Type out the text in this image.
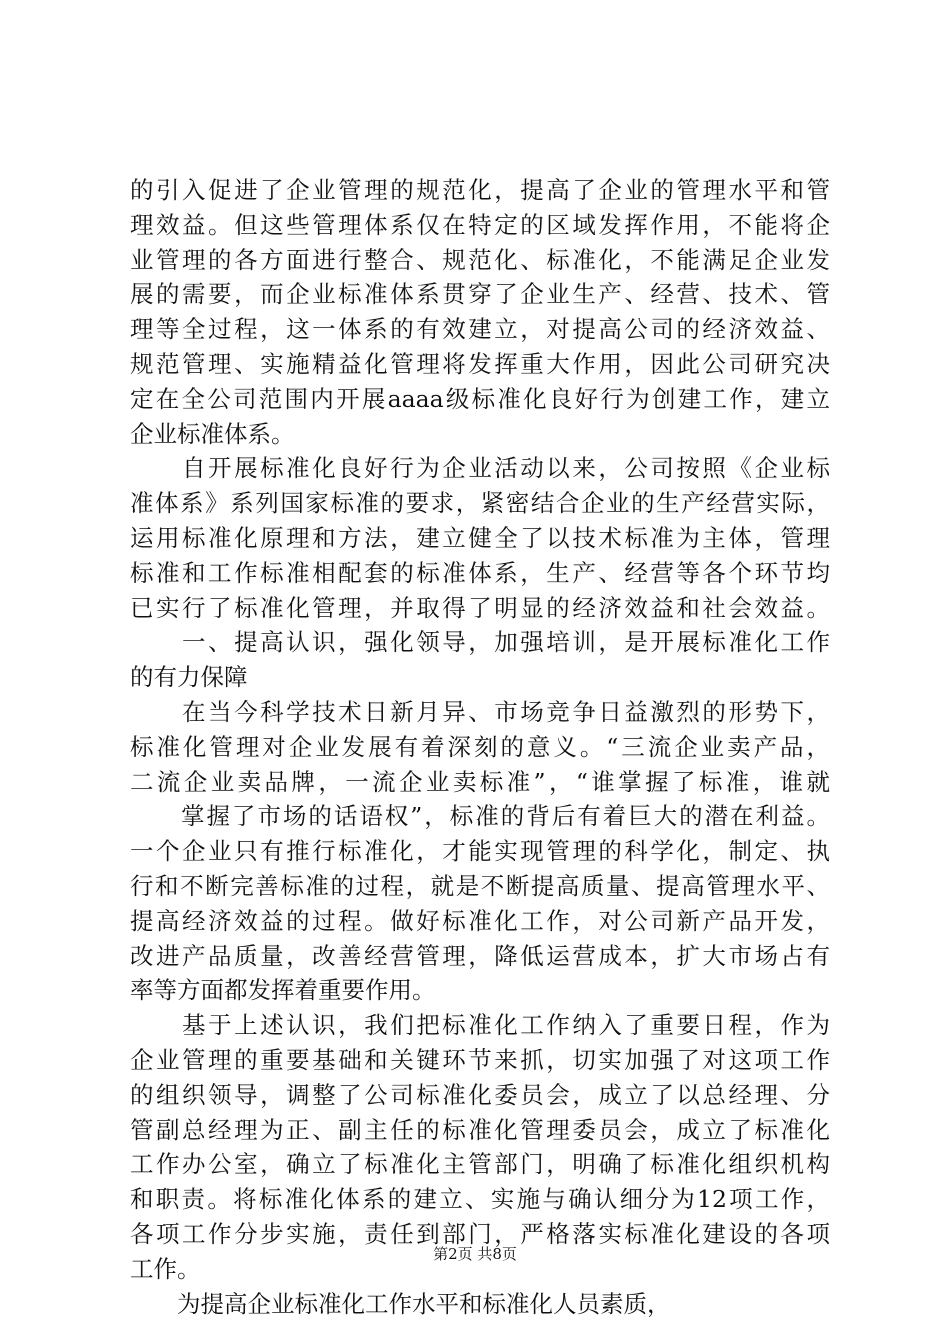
的引入促进了企业管理的规范化，提高了企业的管理水平和管
理效益。但这些管理体系仅在特定的区域发挥作用，不能将企
业管理的各方面进行整合、规范化、标准化，不能满足企业发
展的需要，而企业标准体系贯穿了企业生产、经营、技术、管
理等全过程，这一体系的有效建立，对提高公司的经济效益、
规范管理、实施精益化管理将发挥重大作用，因此公司研究决
定在全公司范围内开展aaaa级标准化良好行为创建工作，建立
企业标准体系。
　　自开展标准化良好行为企业活动以来，公司按照《企业标
准体系》系列国家标准的要求，紧密结合企业的生产经营实际，
运用标准化原理和方法，建立健全了以技术标准为主体，管理
标准和工作标准相配套的标准体系，生产、经营等各个环节均
已实行了标准化管理，并取得了明显的经济效益和社会效益。
　　一、提高认识，强化领导，加强培训，是开展标准化工作
的有力保障
　　在当今科学技术日新月异、市场竞争日益激烈的形势下，
标准化管理对企业发展有着深刻的意义。“三流企业卖产品，
二流企业卖品牌，一流企业卖标准”，“谁掌握了标准，谁就
　　掌握了市场的话语权”，标准的背后有着巨大的潜在利益。
一个企业只有推行标准化，才能实现管理的科学化，制定、执
行和不断完善标准的过程，就是不断提高质量、提高管理水平、
提高经济效益的过程。做好标准化工作，对公司新产品开发，
改进产品质量，改善经营管理，降低运营成本，扩大市场占有
率等方面都发挥着重要作用。
　　基于上述认识，我们把标准化工作纳入了重要日程，作为
企业管理的重要基础和关键环节来抓，切实加强了对这项工作
的组织领导，调整了公司标准化委员会，成立了以总经理、分
管副总经理为正、副主任的标准化管理委员会，成立了标准化
工作办公室，确立了标准化主管部门，明确了标准化组织机构
和职责。将标准化体系的建立、实施与确认细分为12项工作，
各项工作分步实施，责任到部门，严格落实标准化建设的各项
工作。
　　为提高企业标准化工作水平和标准化人员素质，
第2页 共8页
